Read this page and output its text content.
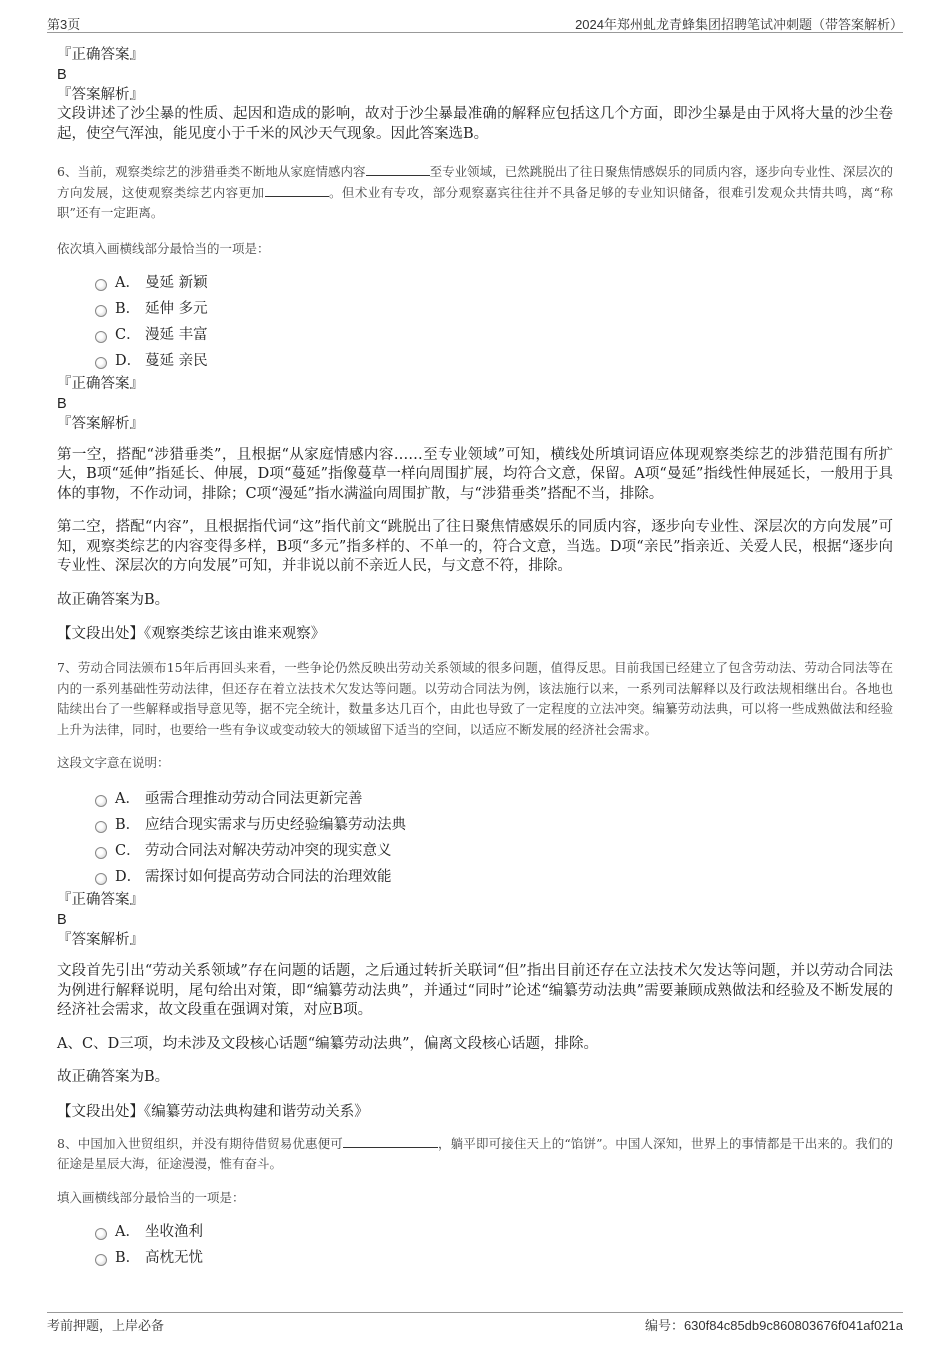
第3页	2024年郑州虬龙青蜂集团招聘笔试冲刺题（带答案解析）
『正确答案』
B
『答案解析』
文段讲述了沙尘暴的性质、起因和造成的影响，故对于沙尘暴最准确的解释应包括这几个方面，即沙尘暴是由于风将大量的沙尘卷起，使空气浑浊，能见度小于千米的风沙天气现象。因此答案选B。
6、当前，观察类综艺的涉猎垂类不断地从家庭情感内容	至专业领域，已然跳脱出了往日聚焦情感娱乐的同质内容，逐步向专业性、深层次的方向发展，这使观察类综艺内容更加	。但术业有专攻，部分观察嘉宾往往并不具备足够的专业知识储备，很难引发观众共情共鸣，离“称职”还有一定距离。
依次填入画横线部分最恰当的一项是：
A． 曼延 新颖
B． 延伸 多元
C． 漫延 丰富
D． 蔓延 亲民
『正确答案』
B
『答案解析』
第一空，搭配“涉猎垂类”，且根据“从家庭情感内容……至专业领域”可知，横线处所填词语应体现观察类综艺的涉猎范围有所扩大，B项“延伸”指延长、伸展，D项“蔓延”指像蔓草一样向周围扩展，均符合文意，保留。A项“曼延”指线性伸展延长，一般用于具体的事物，不作动词，排除；C项“漫延”指水满溢向周围扩散，与“涉猎垂类”搭配不当，排除。
第二空，搭配“内容”，且根据指代词“这”指代前文“跳脱出了往日聚焦情感娱乐的同质内容，逐步向专业性、深层次的方向发展”可知，观察类综艺的内容变得多样，B项“多元”指多样的、不单一的，符合文意，当选。D项“亲民”指亲近、关爱人民，根据“逐步向专业性、深层次的方向发展”可知，并非说以前不亲近人民，与文意不符，排除。
故正确答案为B。
【文段出处】《观察类综艺该由谁来观察》
7、劳动合同法颁布15年后再回头来看，一些争论仍然反映出劳动关系领域的很多问题，值得反思。目前我国已经建立了包含劳动法、劳动合同法等在内的一系列基础性劳动法律，但还存在着立法技术欠发达等问题。以劳动合同法为例，该法施行以来，一系列司法解释以及行政法规相继出台。各地也陆续出台了一些解释或指导意见等，据不完全统计，数量多达几百个，由此也导致了一定程度的立法冲突。编纂劳动法典，可以将一些成熟做法和经验上升为法律，同时，也要给一些有争议或变动较大的领域留下适当的空间，以适应不断发展的经济社会需求。
这段文字意在说明：
A． 亟需合理推动劳动合同法更新完善
B． 应结合现实需求与历史经验编纂劳动法典
C． 劳动合同法对解决劳动冲突的现实意义
D． 需探讨如何提高劳动合同法的治理效能
『正确答案』
B
『答案解析』
文段首先引出“劳动关系领域”存在问题的话题，之后通过转折关联词“但”指出目前还存在立法技术欠发达等问题，并以劳动合同法为例进行解释说明，尾句给出对策，即“编纂劳动法典”，并通过“同时”论述“编纂劳动法典”需要兼顾成熟做法和经验及不断发展的经济社会需求，故文段重在强调对策，对应B项。
A、C、D三项，均未涉及文段核心话题“编纂劳动法典”，偏离文段核心话题，排除。
故正确答案为B。
【文段出处】《编纂劳动法典构建和谐劳动关系》
8、中国加入世贸组织，并没有期待借贸易优惠便可	，躺平即可接住天上的“馅饼”。中国人深知，世界上的事情都是干出来的。我们的征途是星辰大海，征途漫漫，惟有奋斗。
填入画横线部分最恰当的一项是：
A． 坐收渔利
B． 高枕无忧
考前押题，上岸必备	编号：630f84c85db9c860803676f041af021a
